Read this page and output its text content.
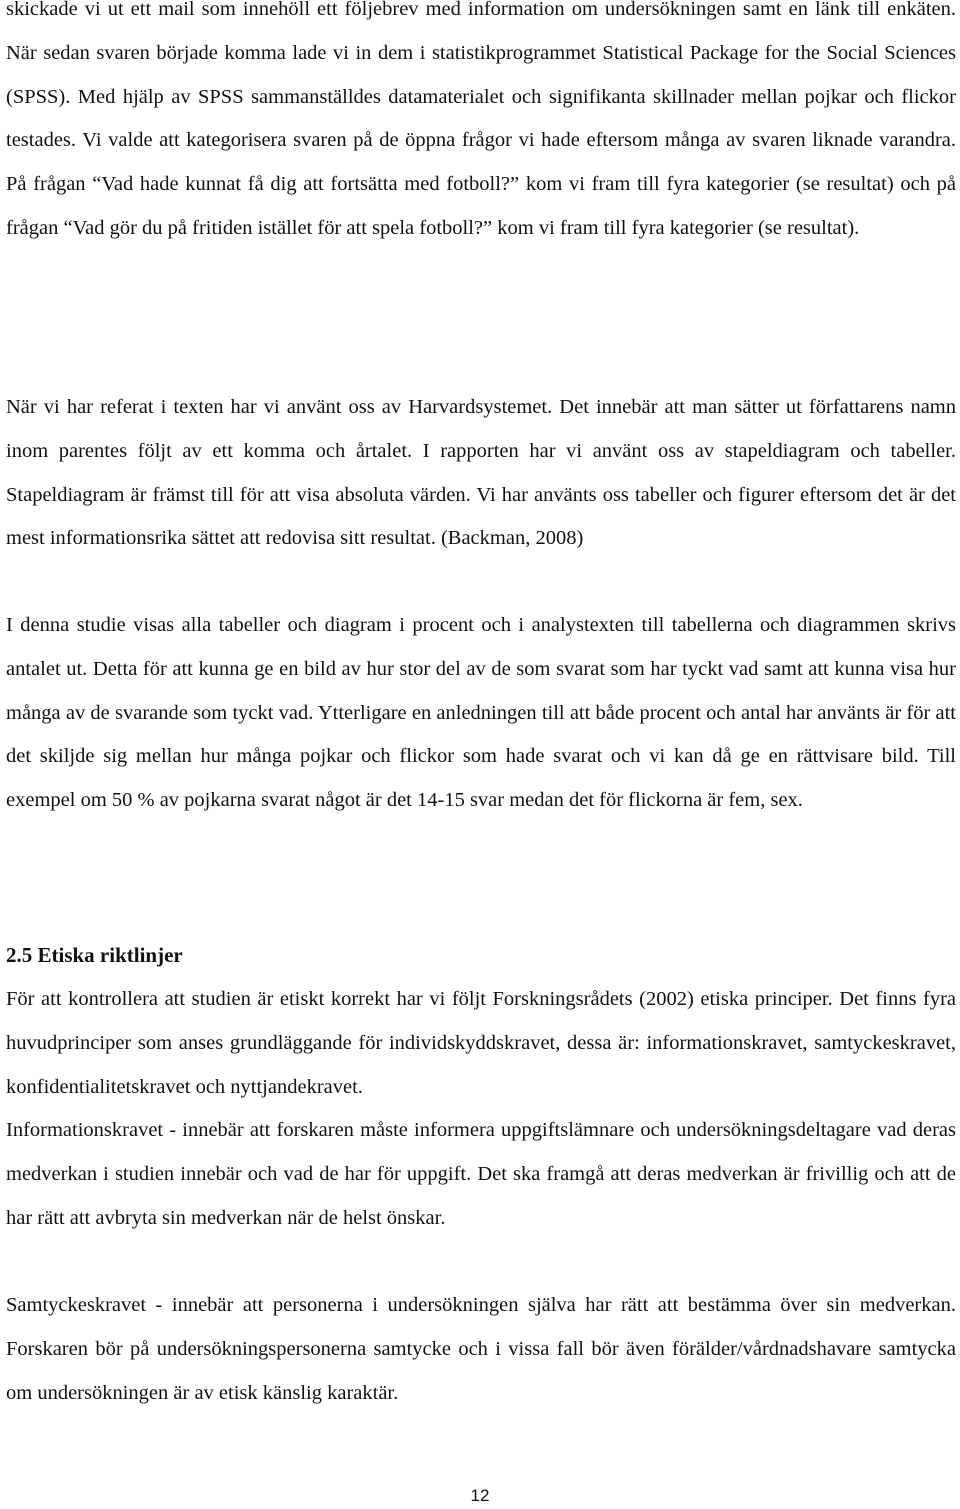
skickade vi ut ett mail som innehöll ett följebrev med information om undersökningen samt en länk till enkäten. När sedan svaren började komma lade vi in dem i statistikprogrammet Statistical Package for the Social Sciences (SPSS). Med hjälp av SPSS sammanställdes datamaterialet och signifikanta skillnader mellan pojkar och flickor testades. Vi valde att kategorisera svaren på de öppna frågor vi hade eftersom många av svaren liknade varandra. På frågan “Vad hade kunnat få dig att fortsätta med fotboll?” kom vi fram till fyra kategorier (se resultat) och på frågan “Vad gör du på fritiden istället för att spela fotboll?” kom vi fram till fyra kategorier (se resultat).

När vi har referat i texten har vi använt oss av Harvardsystemet. Det innebär att man sätter ut författarens namn inom parentes följt av ett komma och årtalet. I rapporten har vi använt oss av stapeldiagram och tabeller. Stapeldiagram är främst till för att visa absoluta värden. Vi har använts oss tabeller och figurer eftersom det är det mest informationsrika sättet att redovisa sitt resultat. (Backman, 2008)

I denna studie visas alla tabeller och diagram i procent och i analystexten till tabellerna och diagrammen skrivs antalet ut. Detta för att kunna ge en bild av hur stor del av de som svarat som har tyckt vad samt att kunna visa hur många av de svarande som tyckt vad. Ytterligare en anledningen till att både procent och antal har använts är för att det skiljde sig mellan hur många pojkar och flickor som hade svarat och vi kan då ge en rättvisare bild. Till exempel om 50 % av pojkarna svarat något är det 14-15 svar medan det för flickorna är fem, sex.

2.5 Etiska riktlinjer

För att kontrollera att studien är etiskt korrekt har vi följt Forskningsrådets (2002) etiska principer. Det finns fyra huvudprinciper som anses grundläggande för individskyddskravet, dessa är: informationskravet, samtyckeskravet, konfidentialitetskravet och nyttjandekravet.

Informationskravet - innebär att forskaren måste informera uppgiftslämnare och undersökningsdeltagare vad deras medverkan i studien innebär och vad de har för uppgift. Det ska framgå att deras medverkan är frivillig och att de har rätt att avbryta sin medverkan när de helst önskar.

Samtyckeskravet - innebär att personerna i undersökningen själva har rätt att bestämma över sin medverkan. Forskaren bör på undersökningspersonerna samtycke och i vissa fall bör även förälder/vårdnadshavare samtycka om undersökningen är av etisk känslig karaktär.

12
